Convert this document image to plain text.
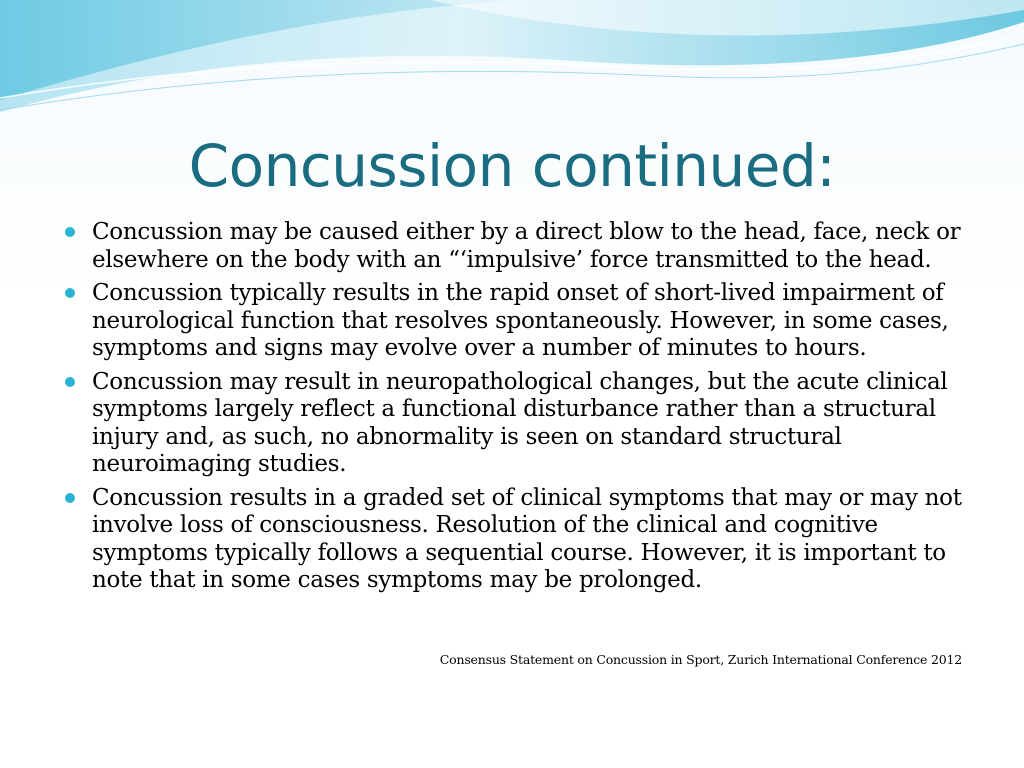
Concussion continued:
Concussion may be caused either by a direct blow to the head, face, neck or elsewhere on the body with an “‘impulsive’ force transmitted to the head.
Concussion typically results in the rapid onset of short-lived impairment of neurological function that resolves spontaneously. However, in some cases, symptoms and signs may evolve over a number of minutes to hours.
Concussion may result in neuropathological changes, but the acute clinical symptoms largely reflect a functional disturbance rather than a structural injury and, as such, no abnormality is seen on standard structural neuroimaging studies.
Concussion results in a graded set of clinical symptoms that may or may not involve loss of consciousness. Resolution of the clinical and cognitive symptoms typically follows a sequential course. However, it is important to note that in some cases symptoms may be prolonged.
Consensus Statement on Concussion in Sport, Zurich International Conference 2012
